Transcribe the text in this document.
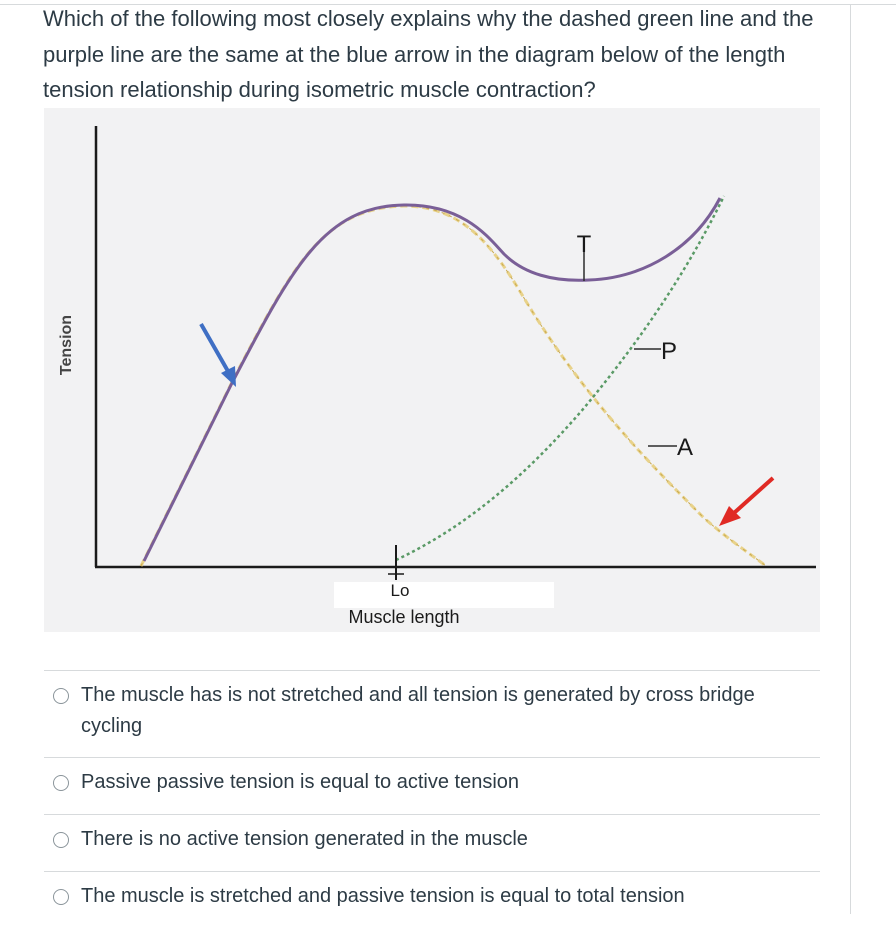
Which of the following most closely explains why the dashed green line and the purple line are the same at the blue arrow in the diagram below of the length tension relationship during isometric muscle contraction?
T
P
A
Lo
Muscle length
Tension
The muscle has is not stretched and all tension is generated by cross bridge cycling
Passive passive tension is equal to active tension
There is no active tension generated in the muscle
The muscle is stretched and passive tension is equal to total tension
